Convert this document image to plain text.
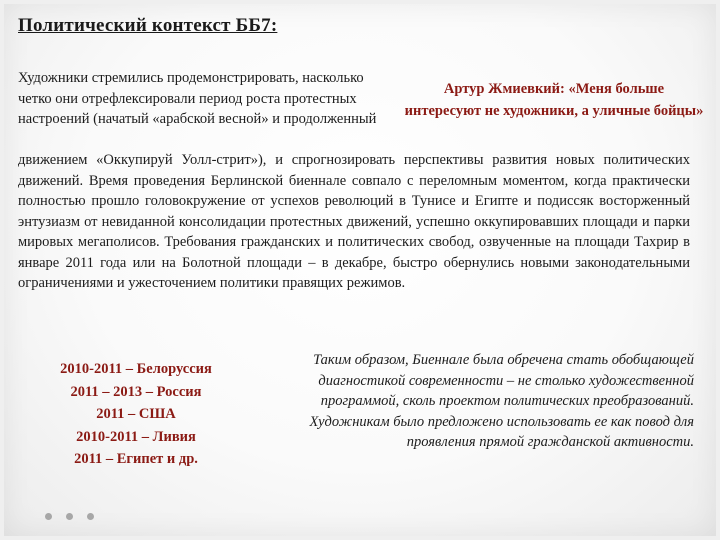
Политический контекст ББ7:

Художники стремились продемонстрировать, насколько четко они отрефлексировали период роста протестных настроений (начатый «арабской весной» и продолженный

Артур Жмиевкий: «Меня больше интересуют не художники, а уличные бойцы»

движением «Оккупируй Уолл-стрит»), и спрогнозировать перспективы развития новых политических движений. Время проведения Берлинской биеннале совпало с переломным моментом, когда практически полностью прошло головокружение от успехов революций в Тунисе и Египте и подиссяк восторженный энтузиазм от невиданной консолидации протестных движений, успешно оккупировавших площади и парки мировых мегаполисов. Требования гражданских и политических свобод, озвученные на площади Тахрир в январе 2011 года или на Болотной площади – в декабре, быстро обернулись новыми законодательными ограничениями и ужесточением политики правящих режимов.

2010-2011 – Белоруссия
2011 – 2013 – Россия
2011 – США
2010-2011 – Ливия
2011 – Египет и др.

Таким образом, Биеннале была обречена стать обобщающей диагностикой современности – не столько художественной программой, сколь проектом политических преобразований. Художникам было предложено использовать ее как повод для проявления прямой гражданской активности.
